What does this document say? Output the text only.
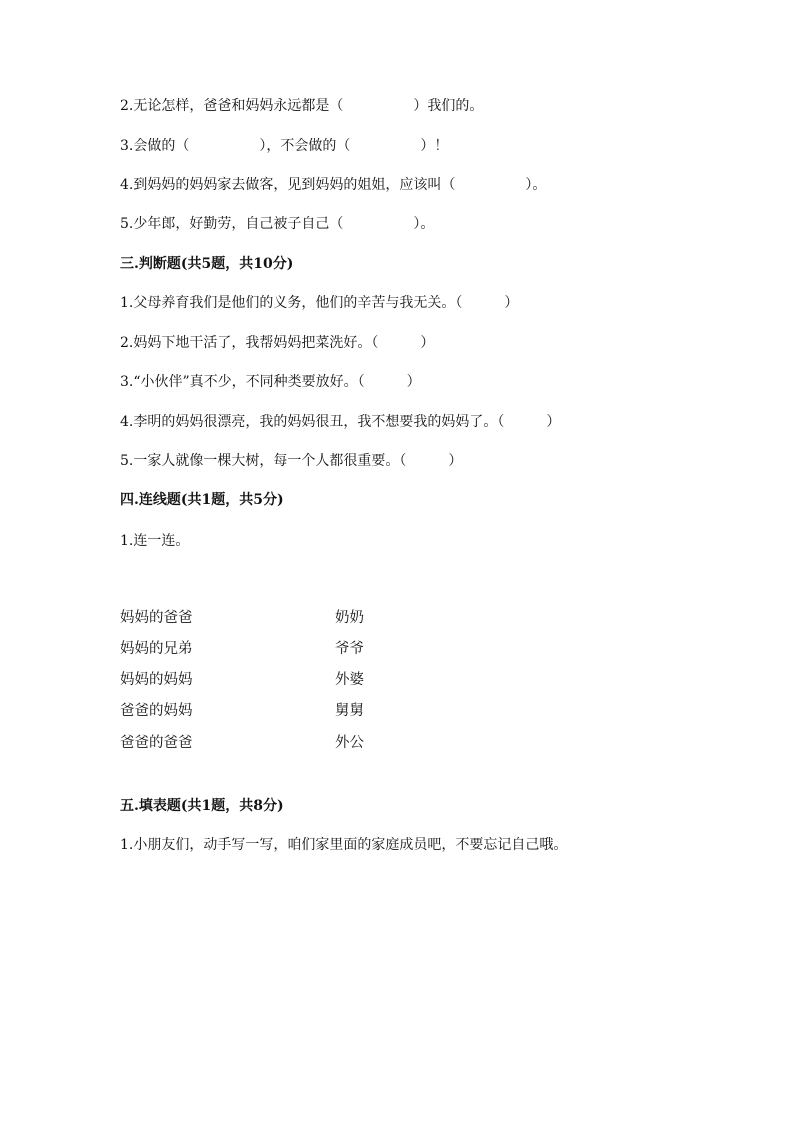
2.无论怎样，爸爸和妈妈永远都是（　　　　　）我们的。
3.会做的（　　　　　），不会做的（　　　　　）！
4.到妈妈的妈妈家去做客，见到妈妈的姐姐，应该叫（　　　　　）。
5.少年郎，好勤劳，自己被子自己（　　　　　）。
三.判断题(共5题，共10分)
1.父母养育我们是他们的义务，他们的辛苦与我无关。（　　　）
2.妈妈下地干活了，我帮妈妈把菜洗好。（　　　）
3.“小伙伴”真不少，不同种类要放好。（　　　）
4.李明的妈妈很漂亮，我的妈妈很丑，我不想要我的妈妈了。（　　　）
5.一家人就像一棵大树，每一个人都很重要。（　　　）
四.连线题(共1题，共5分)
1.连一连。
妈妈的爸爸
妈妈的兄弟
妈妈的妈妈
爸爸的妈妈
爸爸的爸爸
奶奶
爷爷
外婆
舅舅
外公
五.填表题(共1题，共8分)
1.小朋友们，动手写一写，咱们家里面的家庭成员吧，不要忘记自己哦。
